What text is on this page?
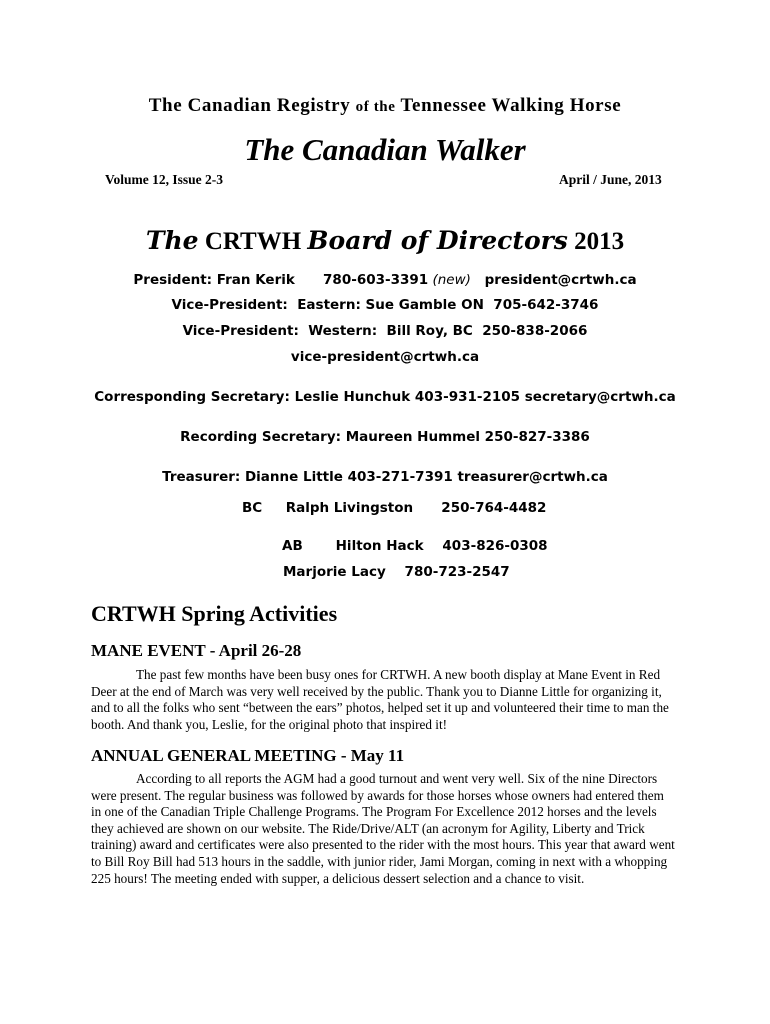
The Canadian Registry of the Tennessee Walking Horse
The Canadian Walker
Volume 12, Issue 2-3	April / June, 2013
The CRTWH Board of Directors 2013
President: Fran Kerik      780-603-3391 (new)   president@crtwh.ca
Vice-President:  Eastern: Sue Gamble ON  705-642-3746
Vice-President:  Western:  Bill Roy, BC  250-838-2066
vice-president@crtwh.ca
Corresponding Secretary: Leslie Hunchuk 403-931-2105 secretary@crtwh.ca
Recording Secretary: Maureen Hummel 250-827-3386
Treasurer: Dianne Little 403-271-7391 treasurer@crtwh.ca
BC     Ralph Livingston      250-764-4482
AB       Hilton Hack    403-826-0308
Marjorie Lacy    780-723-2547
CRTWH Spring Activities
MANE EVENT - April 26-28
The past few months have been busy ones for CRTWH. A new booth display at Mane Event in Red Deer at the end of March was very well received by the public. Thank you to Dianne Little for organizing it, and to all the folks who sent “between the ears” photos, helped set it up and volunteered their time to man the booth. And thank you, Leslie, for the original photo that inspired it!
ANNUAL GENERAL MEETING - May 11
According to all reports the AGM had a good turnout and went very well. Six of the nine Directors were present. The regular business was followed by awards for those horses whose owners had entered them in one of the Canadian Triple Challenge Programs. The Program For Excellence 2012 horses and the levels they achieved are shown on our website. The Ride/Drive/ALT (an acronym for Agility, Liberty and Trick training) award and certificates were also presented to the rider with the most hours. This year that award went to Bill Roy Bill had 513 hours in the saddle, with junior rider, Jami Morgan, coming in next with a whopping 225 hours! The meeting ended with supper, a delicious dessert selection and a chance to visit.
